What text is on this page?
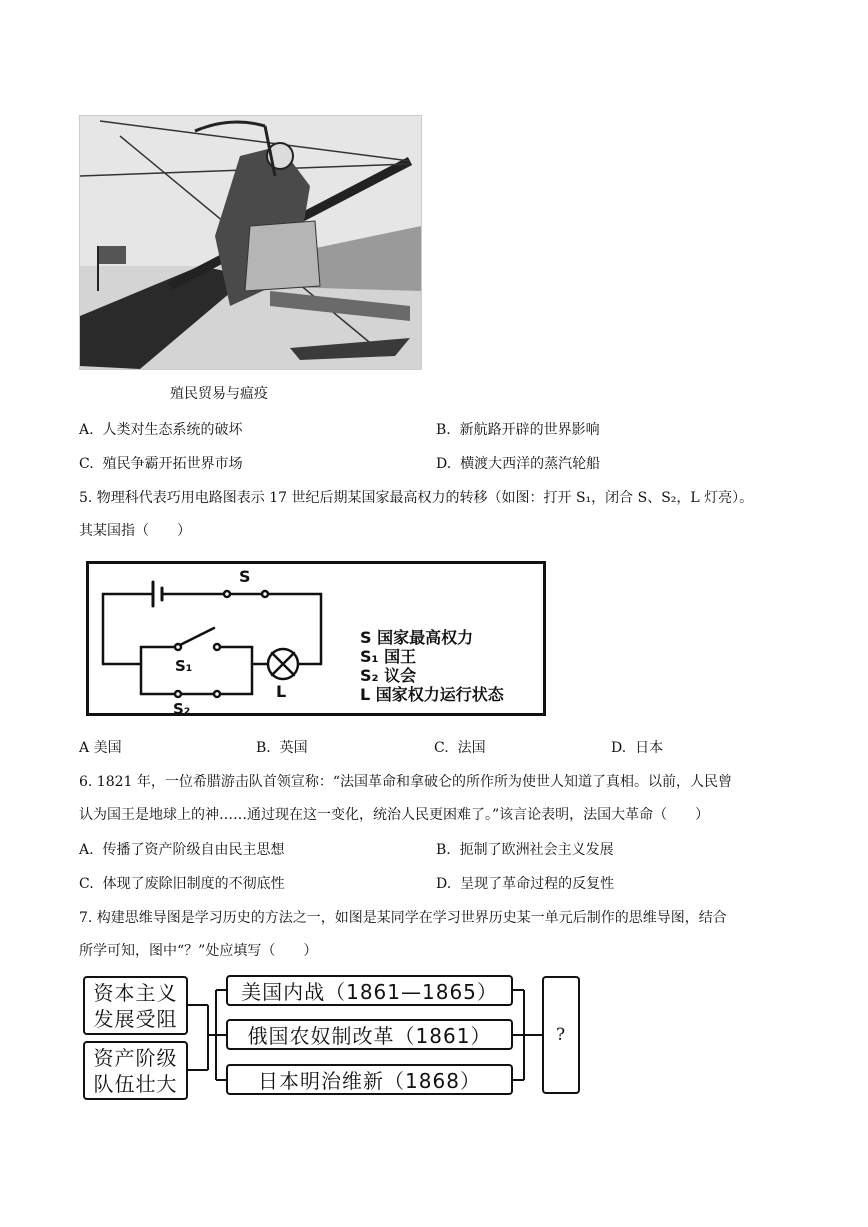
殖民贸易与瘟疫
A. 人类对生态系统的破坏	B. 新航路开辟的世界影响
C. 殖民争霸开拓世界市场	D. 横渡大西洋的蒸汽轮船
5. 物理科代表巧用电路图表示 17 世纪后期某国家最高权力的转移（如图：打开 S₁，闭合 S、S₂，L 灯亮）。
其某国指（　　）
S
S₁
S₂
L
S 国家最高权力
S₁ 国王
S₂ 议会
L 国家权力运行状态
A 美国	B. 英国	C. 法国	D. 日本
6. 1821 年，一位希腊游击队首领宣称：“法国革命和拿破仑的所作所为使世人知道了真相。以前，人民曾
认为国王是地球上的神……通过现在这一变化，统治人民更困难了。”该言论表明，法国大革命（　　）
A. 传播了资产阶级自由民主思想	B. 扼制了欧洲社会主义发展
C. 体现了废除旧制度的不彻底性	D. 呈现了革命过程的反复性
7. 构建思维导图是学习历史的方法之一，如图是某同学在学习世界历史某一单元后制作的思维导图，结合
所学可知，图中“？”处应填写（　　）
资本主义
发展受阻
资产阶级
队伍壮大
美国内战（1861—1865）
俄国农奴制改革（1861）
日本明治维新（1868）
?
